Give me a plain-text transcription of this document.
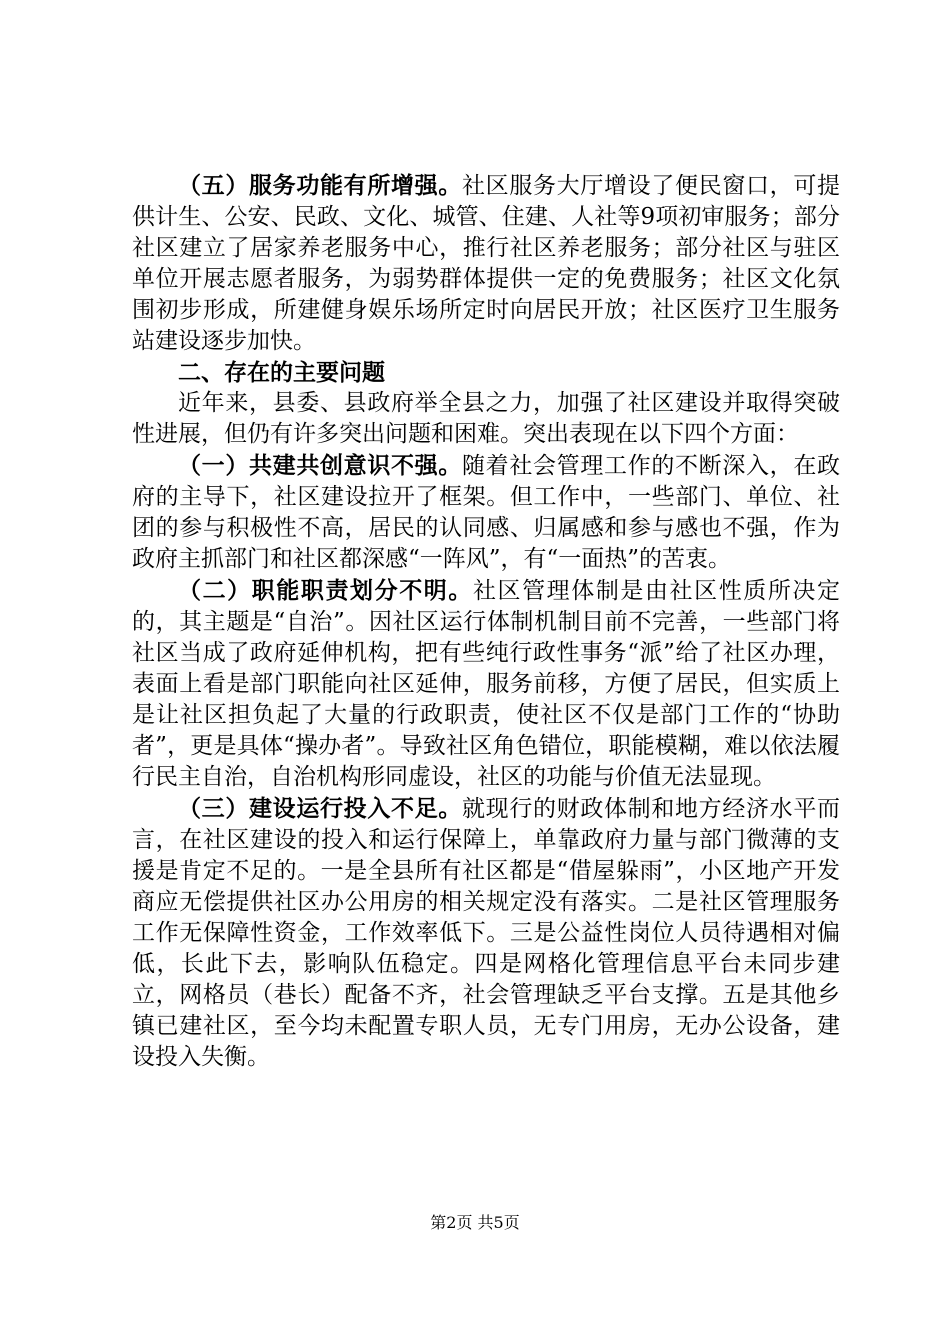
（五）服务功能有所增强。社区服务大厅增设了便民窗口，可提供计生、公安、民政、文化、城管、住建、人社等9项初审服务；部分社区建立了居家养老服务中心，推行社区养老服务；部分社区与驻区单位开展志愿者服务，为弱势群体提供一定的免费服务；社区文化氛围初步形成，所建健身娱乐场所定时向居民开放；社区医疗卫生服务站建设逐步加快。

二、存在的主要问题

近年来，县委、县政府举全县之力，加强了社区建设并取得突破性进展，但仍有许多突出问题和困难。突出表现在以下四个方面：

（一）共建共创意识不强。随着社会管理工作的不断深入，在政府的主导下，社区建设拉开了框架。但工作中，一些部门、单位、社团的参与积极性不高，居民的认同感、归属感和参与感也不强，作为政府主抓部门和社区都深感“一阵风”，有“一面热”的苦衷。

（二）职能职责划分不明。社区管理体制是由社区性质所决定的，其主题是“自治”。因社区运行体制机制目前不完善，一些部门将社区当成了政府延伸机构，把有些纯行政性事务“派”给了社区办理，表面上看是部门职能向社区延伸，服务前移，方便了居民，但实质上是让社区担负起了大量的行政职责，使社区不仅是部门工作的“协助者”，更是具体“操办者”。导致社区角色错位，职能模糊，难以依法履行民主自治，自治机构形同虚设，社区的功能与价值无法显现。

（三）建设运行投入不足。就现行的财政体制和地方经济水平而言，在社区建设的投入和运行保障上，单靠政府力量与部门微薄的支援是肯定不足的。一是全县所有社区都是“借屋躲雨”，小区地产开发商应无偿提供社区办公用房的相关规定没有落实。二是社区管理服务工作无保障性资金，工作效率低下。三是公益性岗位人员待遇相对偏低，长此下去，影响队伍稳定。四是网格化管理信息平台未同步建立，网格员（巷长）配备不齐，社会管理缺乏平台支撑。五是其他乡镇已建社区，至今均未配置专职人员，无专门用房，无办公设备，建设投入失衡。

第2页 共5页
